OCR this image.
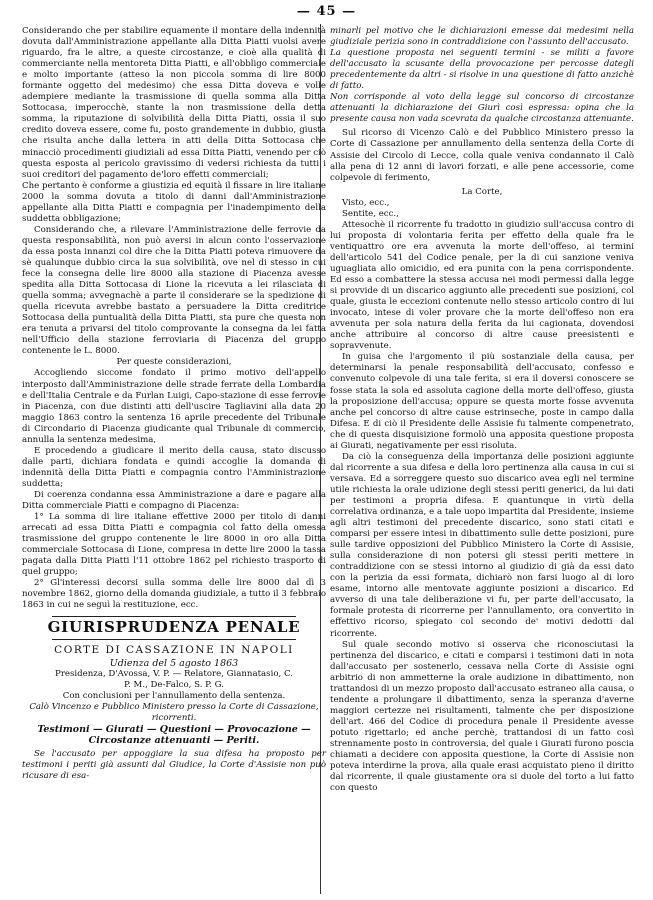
— 45 —

Considerando che per stabilire equamente il montare della indennità dovuta dall'Amministrazione appellante alla Ditta Piatti vuolsi avere riguardo, fra le altre, a queste circostanze, e cioè alla qualità di commerciante nella mentoreta Ditta Piatti, e all'obbligo commerciale e molto importante (atteso la non piccola somma di lire 8000 formante oggetto del medesimo) che essa Ditta doveva e volle adempiere mediante la trasmissione di quella somma alla Ditta Sottocasa, imperocchè, stante la non trasmissione della detta somma, la riputazione di solvibilità della Ditta Piatti, ossia il suo credito doveva essere, come fu, posto grandemente in dubbio, giusta che risulta anche dalla lettera in atti della Ditta Sottocasa che minacciò procedimenti giudiziali ad essa Ditta Piatti, venendo per ciò questa esposta al pericolo gravissimo di vedersi richiesta da tutti i suoi creditori del pagamento de'loro effetti commerciali;

Che pertanto è conforme a giustizia ed equità il fissare in lire italiane 2000 la somma dovuta a titolo di danni dall'Amministrazione appellante alla Ditta Piatti e compagnia per l'inadempimento della suddetta obbligazione;

Considerando che, a rilevare l'Amministrazione delle ferrovie da questa responsabilità, non può aversi in alcun conto l'osservazione da essa posta innanzi col dire che la Ditta Piatti poteva rimuovere da sè qualunque dubbio circa la sua solvibilità, ove nel di stesso in cui fece la consegna delle lire 8000 alla stazione di Piacenza avesse spedita alla Ditta Sottocasa di Lione la ricevuta a lei rilasciata di quella somma; avvegnachè a parte il considerare se la spedizione di quella ricevuta avrebbe bastato a persuadere la Ditta creditrice Sottocasa della puntualità della Ditta Piatti, sta pure che questa non era tenuta a privarsi del titolo comprovante la consegna da lei fatta nell'Ufficio della stazione ferroviaria di Piacenza del gruppo contenente le L. 8000.

Per queste considerazioni,

Accogliendo siccome fondato il primo motivo dell'appello interposto dall'Amministrazione delle strade ferrate della Lombardia e dell'Italia Centrale e da Furlan Luigi, Capo-stazione di esse ferrovie in Piacenza, con due distinti atti dell'uscire Tagliavini alla data 20 maggio 1863 contro la sentenza 16 aprile precedente del Tribunale di Circondario di Piacenza giudicante qual Tribunale di commercio, annulla la sentenza medesima,

E procedendo a giudicare il merito della causa, stato discusso dalle parti, dichiara fondata e quindi accoglie la domanda di indennità della Ditta Piatti e compagnia contro l'Amministrazione suddetta;

Di coerenza condanna essa Amministrazione a dare e pagare alla Ditta commerciale Piatti e compagno di Piacenza:

1° La somma di lire italiane effettive 2000 per titolo di danni arrecati ad essa Ditta Piatti e compagnia col fatto della omessa trasmissione del gruppo contenente le lire 8000 in oro alla Ditta commerciale Sottocasa di Lione, compresa in dette lire 2000 la tassa pagata dalla Ditta Piatti l'11 ottobre 1862 pel richiesto trasporto di quel gruppo;

2° Gl'interessi decorsi sulla somma delle lire 8000 dal dì 3 novembre 1862, giorno della domanda giudiziale, a tutto il 3 febbraio 1863 in cui ne seguì la restituzione, ecc.

GIURISPRUDENZA PENALE
CORTE DI CASSAZIONE IN NAPOLI
Udienza del 5 agosto 1863

Presidenza, D'Avossa, V. P. — Relatore, Giannatasio, C.

P. M., De-Falco, S. P. G.

Con conclusioni per l'annullamento della sentenza.

Calò Vincenzo e Pubblico Ministero presso la Corte di Cassazione, ricorrenti.

Testimoni — Giurati — Questioni — Provocazione — Circostanze attenuanti — Periti.

Se l'accusato per appoggiare la sua difesa ha proposto per testimoni i periti già assunti dal Giudice, la Corte d'Assisie non può ricusare di esa-

minarli pel motivo che le dichiarazioni emesse dai medesimi nella giudiziale perizia sono in contraddizione con l'assunto dell'accusato.

La questione proposta nei seguenti termini - se militi a favore dell'accusato la scusante della provocazione per percosse dategli precedentemente da altri - si risolve in una questione di fatto anzichè di fatto.

Non corrisponde al voto della legge sul concorso di circostanze attenuanti la dichiarazione dei Giurì così espressa: opina che la presente causa non vada scevrata da qualche circostanza attenuante.

Sul ricorso di Vicenzo Calò e del Pubblico Ministero presso la Corte di Cassazione per annullamento della sentenza della Corte di Assisie del Circolo di Lecce, colla quale veniva condannato il Calò alla pena di 12 anni di lavori forzati, e alle pene accessorie, come colpevole di ferimento,

La Corte,

Visto, ecc.,

Sentite, ecc.,

Attesochè il ricorrente fu tradotto in giudizio sull'accusa contro di lui proposta di volontaria ferita per effetto della quale fra le ventiquattro ore era avvenuta la morte dell'offeso, ai termini dell'articolo 541 del Codice penale, per la di cui sanzione veniva uguagliata allo omicidio, ed era punita con la pena corrispondente. Ed esso a combattere la stessa accusa nei modi permessi dalla legge si provvide di un discarico aggiunto alle precedenti sue posizioni, col quale, giusta le eccezioni contenute nello stesso articolo contro di lui invocato, intese di voler provare che la morte dell'offeso non era avvenuta per sola natura della ferita da lui cagionata, dovendosi anche attribuire al concorso di altre cause preesistenti e sopravvenute.

In guisa che l'argomento il più sostanziale della causa, per determinarsi la penale responsabilità dell'accusato, confesso e convenuto colpevole di una tale ferita, si era il doversi conoscere se fosse stata la sola ed assoluta cagione della morte dell'offeso, giusta la proposizione dell'accusa; oppure se questa morte fosse avvenuta anche pel concorso di altre cause estrinseche, poste in campo dalla Difesa. E di ciò il Presidente delle Assisie fu talmente compenetrato, che di questa disquisizione formolò una apposita questione proposta ai Giurati, negativamente per essi risoluta.

Da ciò la conseguenza della importanza delle posizioni aggiunte dal ricorrente a sua difesa e della loro pertinenza alla causa in cui si versava. Ed a sorreggere questo suo discarico avea egli nel termine utile richiesta la orale udizione degli stessi periti generici, da lui dati per testimoni a propria difesa. E quantunque in virtù della correlativa ordinanza, e a tale uopo impartita dal Presidente, insieme agli altri testimoni del precedente discarico, sono stati citati e comparsi per essere intesi in dibattimento sulle dette posizioni, pure sulle tardive opposizioni del Pubblico Ministero la Corte di Assisie, sulla considerazione di non potersi gli stessi periti mettere in contraddizione con se stessi intorno al giudizio di già da essi dato con la perizia da essi formata, dichiarò non farsi luogo al di loro esame, intorno alle mentovate aggiunte posizioni a discarico. Ed avverso di una tale deliberazione vi fu, per parte dell'accusato, la formale protesta di ricorrerne per l'annullamento, ora convertito in effettivo ricorso, spiegato col secondo de' motivi dedotti dal ricorrente.

Sul quale secondo motivo si osserva che riconosciutasi la pertinenza del discarico, e citati e comparsi i testimoni dati in nota dall'accusato per sostenerlo, cessava nella Corte di Assisie ogni arbitrio di non ammetterne la orale audizione in dibattimento, non trattandosi di un mezzo proposto dall'accusato estraneo alla causa, o tendente a prolungare il dibattimento, senza la speranza d'averne maggiori certezze nei risultamenti, talmente che per disposizione dell'art. 466 del Codice di procedura penale il Presidente avesse potuto rigettarlo; ed anche perchè, trattandosi di un fatto così strennamente posto in controversia, del quale i Giurati furono poscia chiamati a decidere con apposita questione, la Corte di Assisie non poteva interdirne la prova, alla quale erasi acquistato pieno il diritto dal ricorrente, il quale giustamente ora si duole del torto a lui fatto con questo
